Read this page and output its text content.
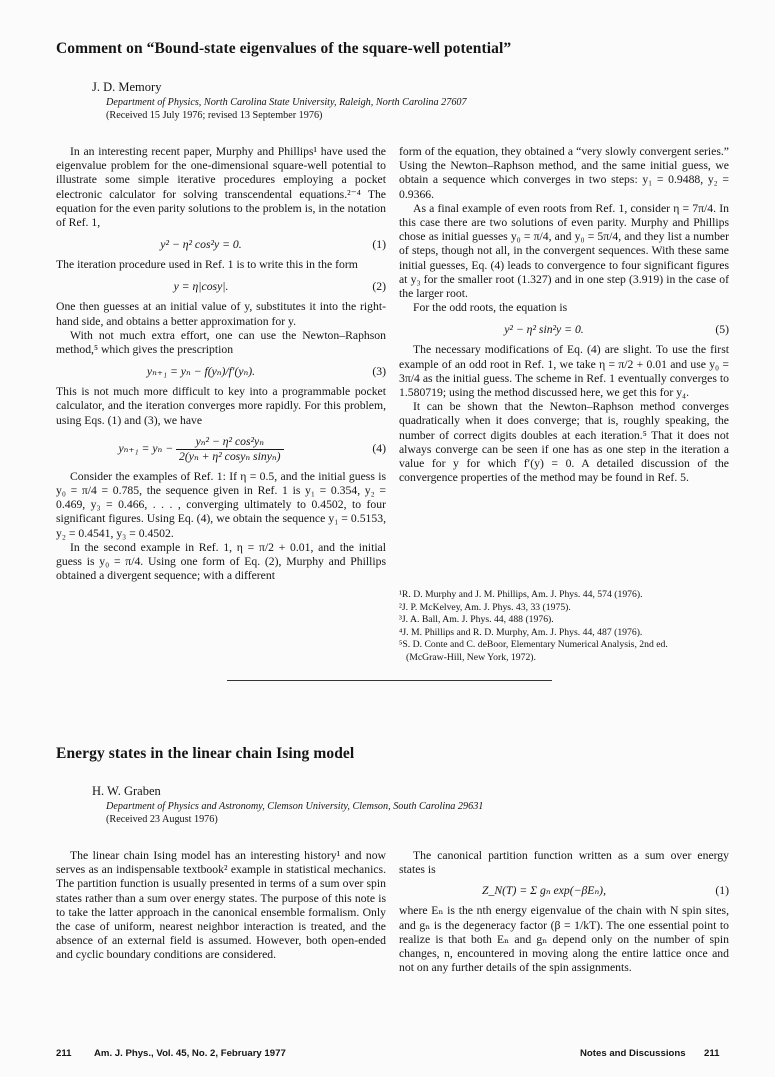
Comment on “Bound-state eigenvalues of the square-well potential”
J. D. Memory
Department of Physics, North Carolina State University, Raleigh, North Carolina 27607
(Received 15 July 1976; revised 13 September 1976)

In an interesting recent paper, Murphy and Phillips¹ have used the eigenvalue problem for the one-dimensional square-well potential to illustrate some simple iterative procedures employing a pocket electronic calculator for solving transcendental equations.²⁻⁴ The equation for the even parity solutions to the problem is, in the notation of Ref. 1,

y² − η² cos²y = 0.	(1)

The iteration procedure used in Ref. 1 is to write this in the form

y = η|cosy|.	(2)

One then guesses at an initial value of y, substitutes it into the right-hand side, and obtains a better approximation for y.

With not much extra effort, one can use the Newton–Raphson method,⁵ which gives the prescription

yₙ₊₁ = yₙ − f(yₙ)/f′(yₙ).	(3)

This is not much more difficult to key into a programmable pocket calculator, and the iteration converges more rapidly. For this problem, using Eqs. (1) and (3), we have

$y_{n+1} = y_n - \frac{\text{yₙ² − η² cos²yₙ}}{\text{2(yₙ + η² cosyₙ sinyₙ)}}$	(4)

Consider the examples of Ref. 1: If η = 0.5, and the initial guess is y₀ = π/4 = 0.785, the sequence given in Ref. 1 is y₁ = 0.354, y₂ = 0.469, y₃ = 0.466, . . . , converging ultimately to 0.4502, to four significant figures. Using Eq. (4), we obtain the sequence y₁ = 0.5153, y₂ = 0.4541, y₃ = 0.4502.

In the second example in Ref. 1, η = π/2 + 0.01, and the initial guess is y₀ = π/4. Using one form of Eq. (2), Murphy and Phillips obtained a divergent sequence; with a different

form of the equation, they obtained a “very slowly convergent series.” Using the Newton–Raphson method, and the same initial guess, we obtain a sequence which converges in two steps: y₁ = 0.9488, y₂ = 0.9366.

As a final example of even roots from Ref. 1, consider η = 7π/4. In this case there are two solutions of even parity. Murphy and Phillips chose as initial guesses y₀ = π/4, and y₀ = 5π/4, and they list a number of steps, though not all, in the convergent sequences. With these same initial guesses, Eq. (4) leads to convergence to four significant figures at y₃ for the smaller root (1.327) and in one step (3.919) in the case of the larger root.

For the odd roots, the equation is

y² − η² sin²y = 0.	(5)

The necessary modifications of Eq. (4) are slight. To use the first example of an odd root in Ref. 1, we take η = π/2 + 0.01 and use y₀ = 3π/4 as the initial guess. The scheme in Ref. 1 eventually converges to 1.580719; using the method discussed here, we get this for y₄.

It can be shown that the Newton–Raphson method converges quadratically when it does converge; that is, roughly speaking, the number of correct digits doubles at each iteration.⁵ That it does not always converge can be seen if one has as one step in the iteration a value for y for which f′(y) = 0. A detailed discussion of the convergence properties of the method may be found in Ref. 5.

¹R. D. Murphy and J. M. Phillips, Am. J. Phys. 44, 574 (1976).
²J. P. McKelvey, Am. J. Phys. 43, 33 (1975).
³J. A. Ball, Am. J. Phys. 44, 488 (1976).
⁴J. M. Phillips and R. D. Murphy, Am. J. Phys. 44, 487 (1976).
⁵S. D. Conte and C. deBoor, Elementary Numerical Analysis, 2nd ed.
(McGraw-Hill, New York, 1972).
Energy states in the linear chain Ising model
H. W. Graben
Department of Physics and Astronomy, Clemson University, Clemson, South Carolina 29631
(Received 23 August 1976)

The linear chain Ising model has an interesting history¹ and now serves as an indispensable textbook² example in statistical mechanics. The partition function is usually presented in terms of a sum over spin states rather than a sum over energy states. The purpose of this note is to take the latter approach in the canonical ensemble formalism. Only the case of uniform, nearest neighbor interaction is treated, and the absence of an external field is assumed. However, both open-ended and cyclic boundary conditions are considered.

The canonical partition function written as a sum over energy states is

Z_N(T) = Σ gₙ exp(−βEₙ),	(1)

where Eₙ is the nth energy eigenvalue of the chain with N spin sites, and gₙ is the degeneracy factor (β = 1/kT). The one essential point to realize is that both Eₙ and gₙ depend only on the number of spin changes, n, encountered in moving along the entire lattice once and not on any further details of the spin assignments.

211 Am. J. Phys., Vol. 45, No. 2, February 1977	Notes and Discussions 211
